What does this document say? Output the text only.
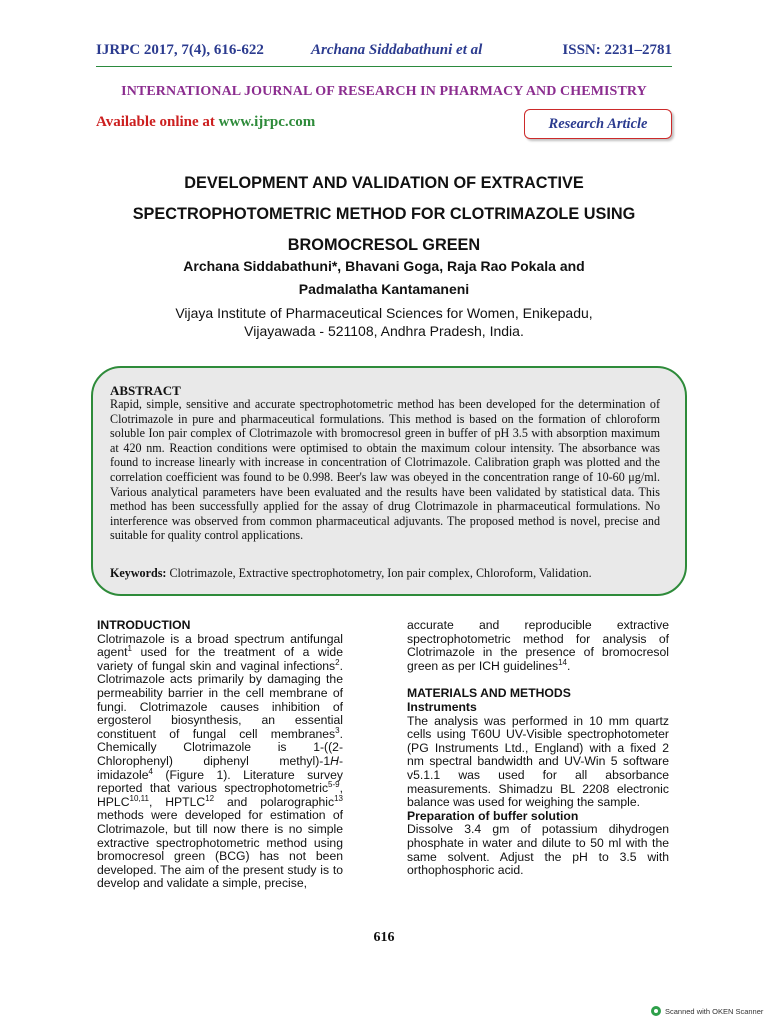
IJRPC 2017, 7(4), 616-622	Archana Siddabathuni et al	ISSN: 2231–2781
INTERNATIONAL JOURNAL OF RESEARCH IN PHARMACY AND CHEMISTRY
Available online at www.ijrpc.com	Research Article
DEVELOPMENT AND VALIDATION OF EXTRACTIVE
SPECTROPHOTOMETRIC METHOD FOR CLOTRIMAZOLE USING
BROMOCRESOL GREEN
Archana Siddabathuni*, Bhavani Goga, Raja Rao Pokala and
Padmalatha Kantamaneni
Vijaya Institute of Pharmaceutical Sciences for Women, Enikepadu,
Vijayawada - 521108, Andhra Pradesh, India.
ABSTRACT
Rapid, simple, sensitive and accurate spectrophotometric method has been developed for the determination of Clotrimazole in pure and pharmaceutical formulations. This method is based on the formation of chloroform soluble Ion pair complex of Clotrimazole with bromocresol green in buffer of pH 3.5 with absorption maximum at 420 nm. Reaction conditions were optimised to obtain the maximum colour intensity. The absorbance was found to increase linearly with increase in concentration of Clotrimazole. Calibration graph was plotted and the correlation coefficient was found to be 0.998. Beer's law was obeyed in the concentration range of 10-60 μg/ml. Various analytical parameters have been evaluated and the results have been validated by statistical data. This method has been successfully applied for the assay of drug Clotrimazole in pharmaceutical formulations. No interference was observed from common pharmaceutical adjuvants. The proposed method is novel, precise and suitable for quality control applications.
Keywords: Clotrimazole, Extractive spectrophotometry, Ion pair complex, Chloroform, Validation.

INTRODUCTION

Clotrimazole is a broad spectrum antifungal agent$^1$ used for the treatment of a wide variety of fungal skin and vaginal infections$^2$. Clotrimazole acts primarily by damaging the permeability barrier in the cell membrane of fungi. Clotrimazole causes inhibition of ergosterol biosynthesis, an essential constituent of fungal cell membranes$^3$. Chemically Clotrimazole is 1-((2-Chlorophenyl) diphenyl methyl)-1H-imidazole$^4$ (Figure 1). Literature survey reported that various spectrophotometric$^{5-9}$, HPLC$^{10,11}$, HPTLC$^{12}$ and polarographic$^{13}$ methods were developed for estimation of Clotrimazole, but till now there is no simple extractive spectrophotometric method using bromocresol green (BCG) has not been developed. The aim of the present study is to develop and validate a simple, precise,

accurate and reproducible extractive spectrophotometric method for analysis of Clotrimazole in the presence of bromocresol green as per ICH guidelines$^{14}$.

MATERIALS AND METHODS

Instruments

The analysis was performed in 10 mm quartz cells using T60U UV-Visible spectrophotometer (PG Instruments Ltd., England) with a fixed 2 nm spectral bandwidth and UV-Win 5 software v5.1.1 was used for all absorbance measurements. Shimadzu BL 2208 electronic balance was used for weighing the sample.

Preparation of buffer solution

Dissolve 3.4 gm of potassium dihydrogen phosphate in water and dilute to 50 ml with the same solvent. Adjust the pH to 3.5 with orthophosphoric acid.

616
Scanned with OKEN Scanner
